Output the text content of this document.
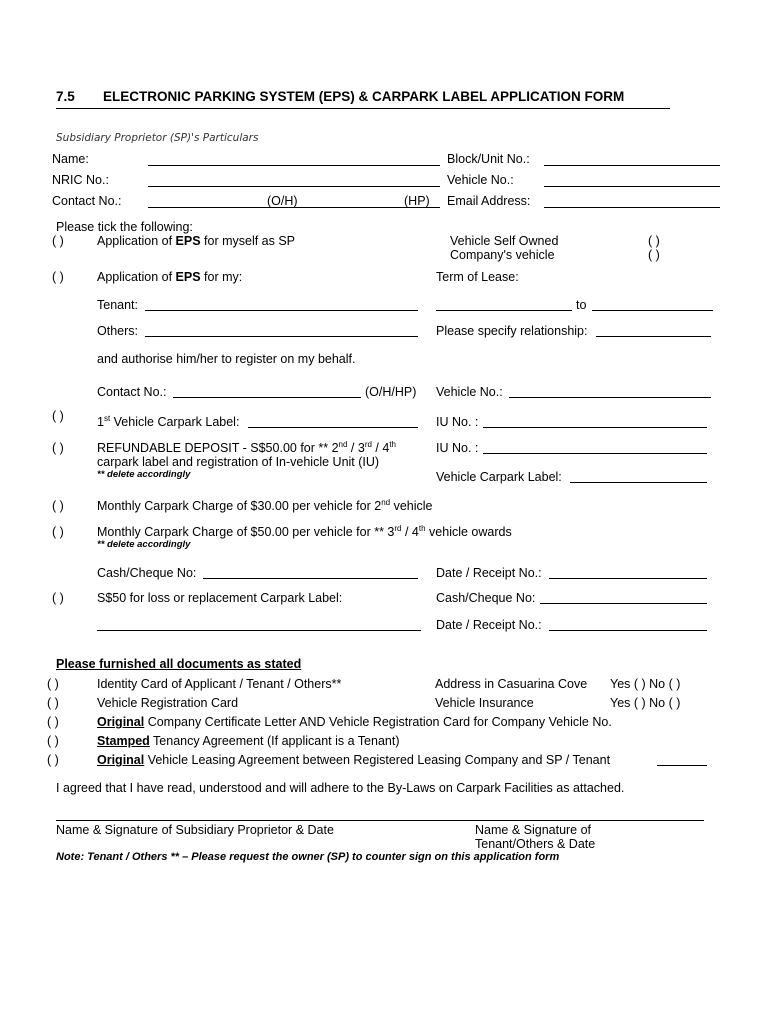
7.5 ELECTRONIC PARKING SYSTEM (EPS) & CARPARK LABEL APPLICATION FORM
Subsidiary Proprietor (SP)'s Particulars
Name:	Block/Unit No.:
NRIC No.:	Vehicle No.:
Contact No.:	(O/H)	(HP) Email Address:
Please tick the following:
( )	Application of EPS for myself as SP	Vehicle Self Owned	( )
Company's vehicle	( )
( )	Application of EPS for my:	Term of Lease:
Tenant:	to
Others:	Please specify relationship:
and authorise him/her to register on my behalf.
Contact No.:	(O/H/HP) Vehicle No.:
( )	1st Vehicle Carpark Label:	IU No. :
( )	REFUNDABLE DEPOSIT - S$50.00 for ** 2nd / 3rd / 4th
carpark label and registration of In-vehicle Unit (IU)
** delete accordingly
IU No. :
Vehicle Carpark Label:
( )	Monthly Carpark Charge of $30.00 per vehicle for 2nd vehicle
( )	Monthly Carpark Charge of $50.00 per vehicle for ** 3rd / 4th vehicle owards
** delete accordingly
Cash/Cheque No:	Date / Receipt No.:
( )	S$50 for loss or replacement Carpark Label:	Cash/Cheque No:
Date / Receipt No.:
Please furnished all documents as stated
( )	Identity Card of Applicant / Tenant / Others**	Address in Casuarina Cove Yes ( ) No ( )
( )	Vehicle Registration Card	Vehicle Insurance	Yes ( ) No ( )
( )	Original Company Certificate Letter AND Vehicle Registration Card for Company Vehicle No.
( )	Stamped Tenancy Agreement (If applicant is a Tenant)
( )	Original Vehicle Leasing Agreement between Registered Leasing Company and SP / Tenant
I agreed that I have read, understood and will adhere to the By-Laws on Carpark Facilities as attached.
Name & Signature of Subsidiary Proprietor & Date	Name & Signature of
Tenant/Others & Date
Note: Tenant / Others ** – Please request the owner (SP) to counter sign on this application form
